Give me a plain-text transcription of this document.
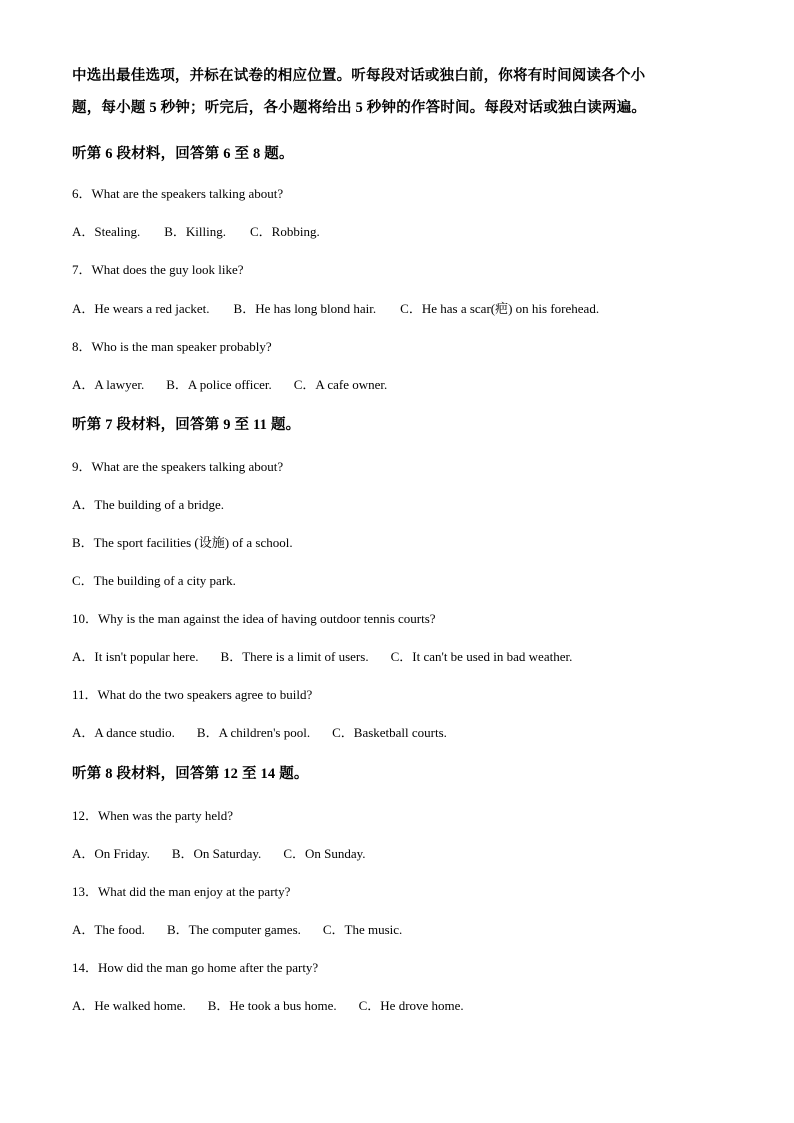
中选出最佳选项，并标在试卷的相应位置。听每段对话或独白前，你将有时间阅读各个小
题，每小题 5 秒钟；听完后，各小题将给出 5 秒钟的作答时间。每段对话或独白读两遍。
听第 6 段材料，回答第 6 至 8 题。
6．What are the speakers talking about?
A．Stealing. B．Killing. C．Robbing.
7．What does the guy look like?
A．He wears a red jacket. B．He has long blond hair. C．He has a scar(疤) on his forehead.
8．Who is the man speaker probably?
A．A lawyer. B．A police officer. C．A cafe owner.
听第 7 段材料，回答第 9 至 11 题。
9．What are the speakers talking about?
A．The building of a bridge.
B．The sport facilities (设施) of a school.
C．The building of a city park.
10．Why is the man against the idea of having outdoor tennis courts?
A．It isn't popular here. B．There is a limit of users. C．It can't be used in bad weather.
11．What do the two speakers agree to build?
A．A dance studio. B．A children's pool. C．Basketball courts.
听第 8 段材料，回答第 12 至 14 题。
12．When was the party held?
A．On Friday. B．On Saturday. C．On Sunday.
13．What did the man enjoy at the party?
A．The food. B．The computer games. C．The music.
14．How did the man go home after the party?
A．He walked home. B．He took a bus home. C．He drove home.
